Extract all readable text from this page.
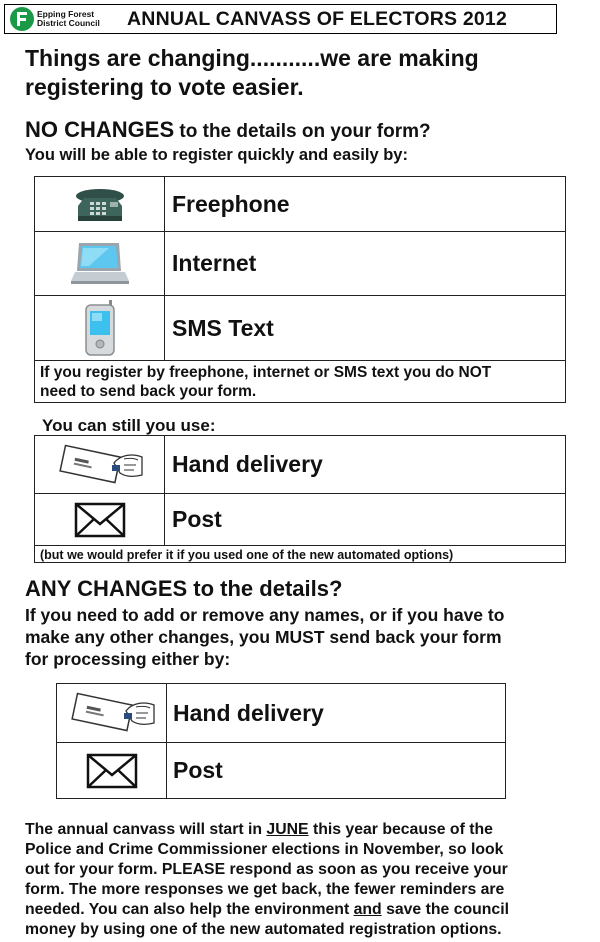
Epping Forest
District Council ANNUAL CANVASS OF ELECTORS 2012
Things are changing...........we are making
registering to vote easier.
NO CHANGES to the details on your form?
You will be able to register quickly and easily by:
Freephone
Internet
SMS Text
If you register by freephone, internet or SMS text you do NOT
need to send back your form.
You can still you use:
Hand delivery
Post
(but we would prefer it if you used one of the new automated options)
ANY CHANGES to the details?
If you need to add or remove any names, or if you have to
make any other changes, you MUST send back your form
for processing either by:
Hand delivery
Post
The annual canvass will start in JUNE this year because of the
Police and Crime Commissioner elections in November, so look
out for your form. PLEASE respond as soon as you receive your
form. The more responses we get back, the fewer reminders are
needed. You can also help the environment and save the council
money by using one of the new automated registration options.
